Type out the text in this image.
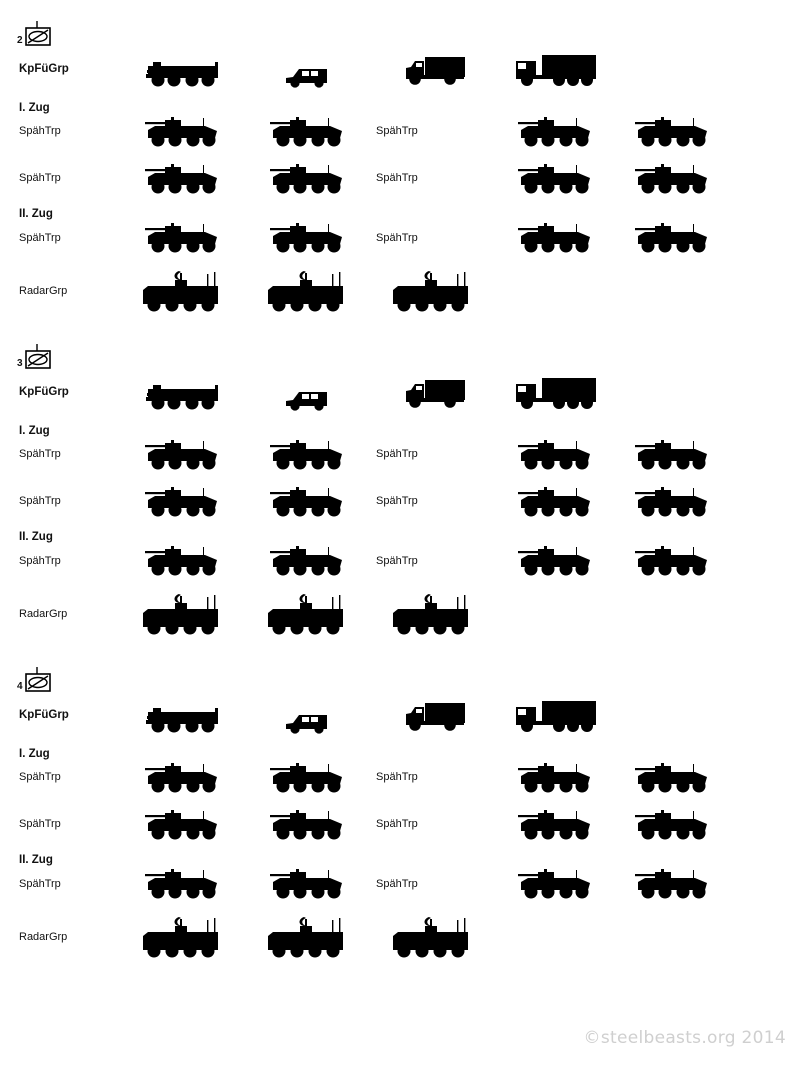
2
KpFüGrp
I. Zug
SpähTrp
SpähTrp
II. Zug
SpähTrp
RadarGrp
SpähTrp
SpähTrp
SpähTrp
3
KpFüGrp
I. Zug
SpähTrp
SpähTrp
II. Zug
SpähTrp
RadarGrp
SpähTrp
SpähTrp
SpähTrp
4
KpFüGrp
I. Zug
SpähTrp
SpähTrp
II. Zug
SpähTrp
RadarGrp
SpähTrp
SpähTrp
SpähTrp
©steelbeasts.org 2014
